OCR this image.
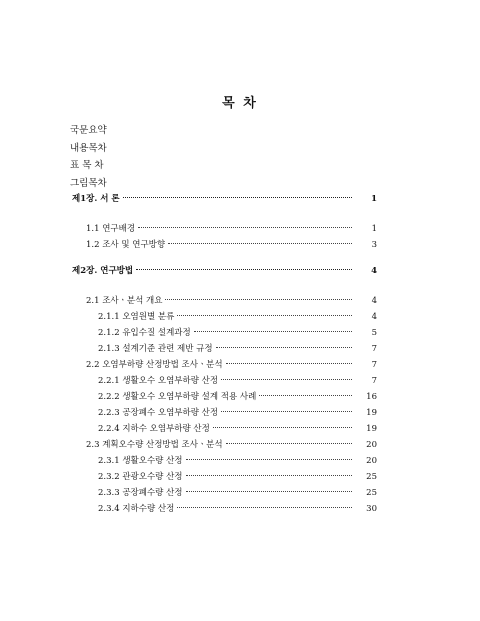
목 차
국문요약
내용목차
표 목 차
그림목차
제1장. 서 론	1
1.1 연구배경	1
1.2 조사 및 연구방향	3
제2장. 연구방법	4
2.1 조사ㆍ분석 개요	4
2.1.1 오염원별 분류	4
2.1.2 유입수질 설계과정	5
2.1.3 설계기준 관련 제반 규정	7
2.2 오염부하량 산정방법 조사ㆍ분석	7
2.2.1 생활오수 오염부하량 산정	7
2.2.2 생활오수 오염부하량 설계 적용 사례	16
2.2.3 공장폐수 오염부하량 산정	19
2.2.4 지하수 오염부하량 산정	19
2.3 계획오수량 산정방법 조사ㆍ분석	20
2.3.1 생활오수량 산정	20
2.3.2 관광오수량 산정	25
2.3.3 공장폐수량 산정	25
2.3.4 지하수량 산정	30
